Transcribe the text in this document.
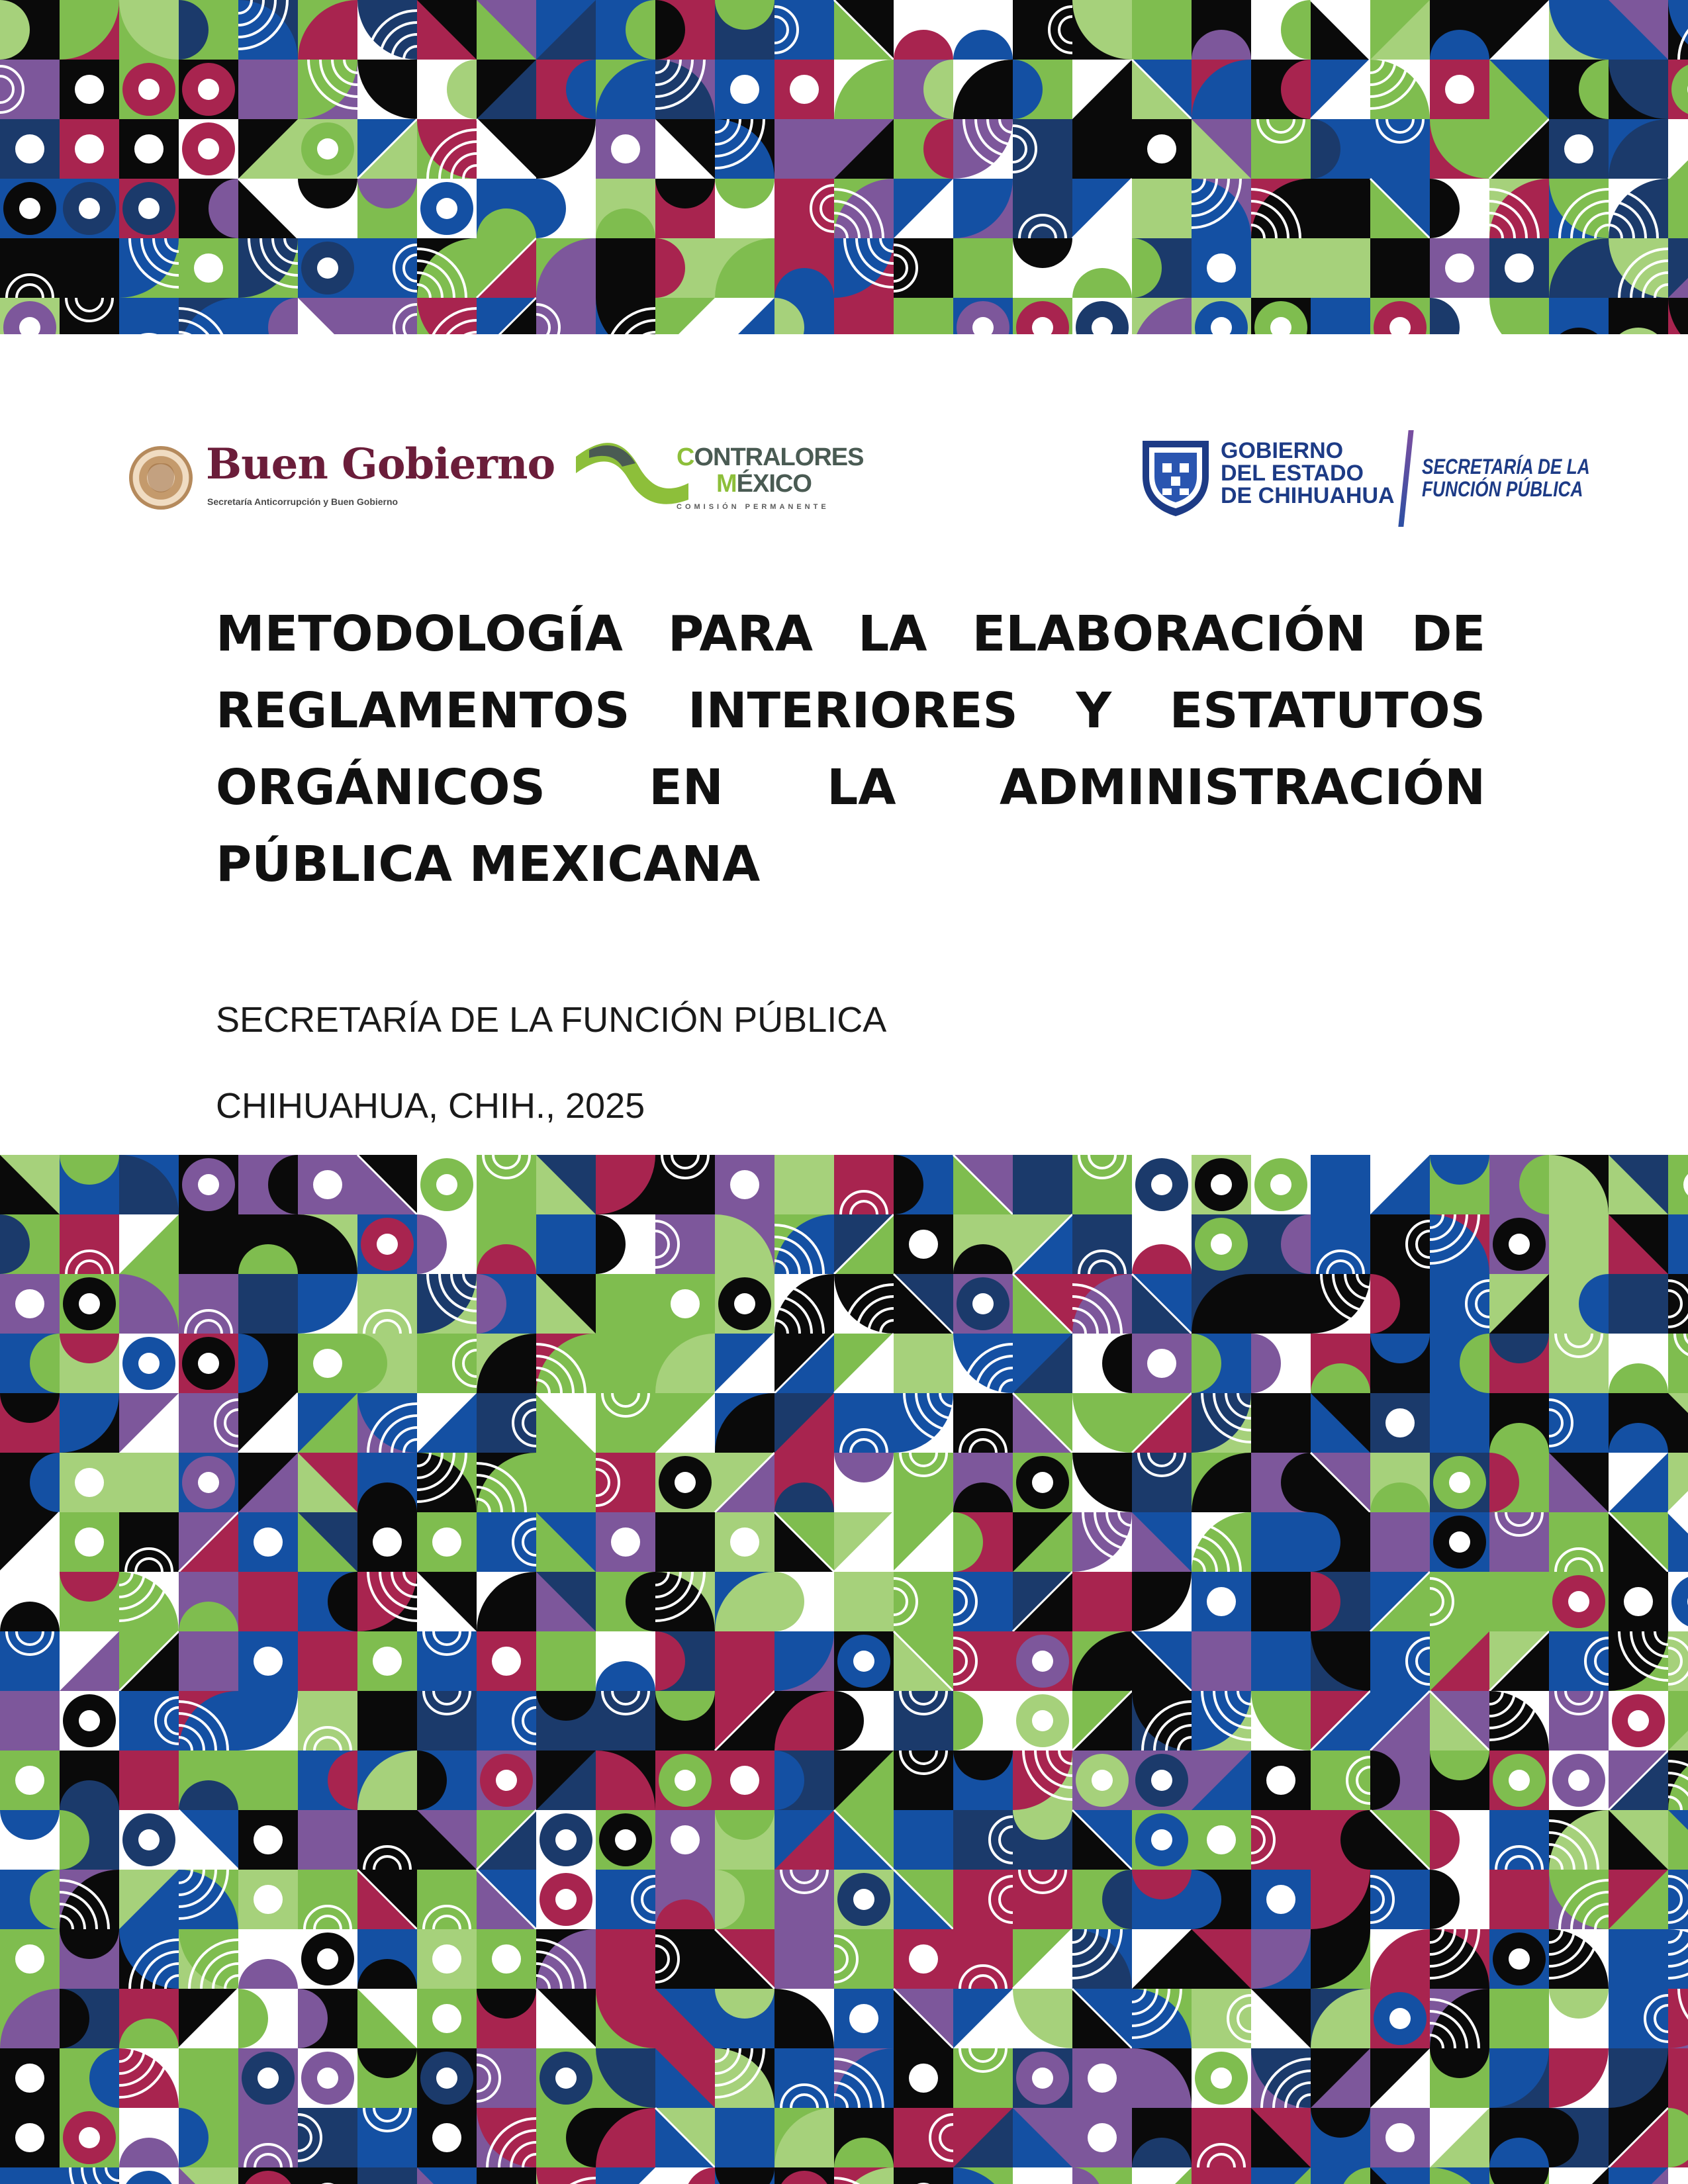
Buen Gobierno
Secretaría Anticorrupción y Buen Gobierno
CONTRALORES
MÉXICO
COMISIÓN PERMANENTE
GOBIERNO
DEL ESTADO
DE CHIHUAHUA
SECRETARÍA DE LA
FUNCIÓN PÚBLICA
METODOLOGÍA PARA LA ELABORACIÓN DE
REGLAMENTOS INTERIORES Y ESTATUTOS
ORGÁNICOS EN LA ADMINISTRACIÓN
PÚBLICA MEXICANA
SECRETARÍA DE LA FUNCIÓN PÚBLICA
CHIHUAHUA, CHIH., 2025
